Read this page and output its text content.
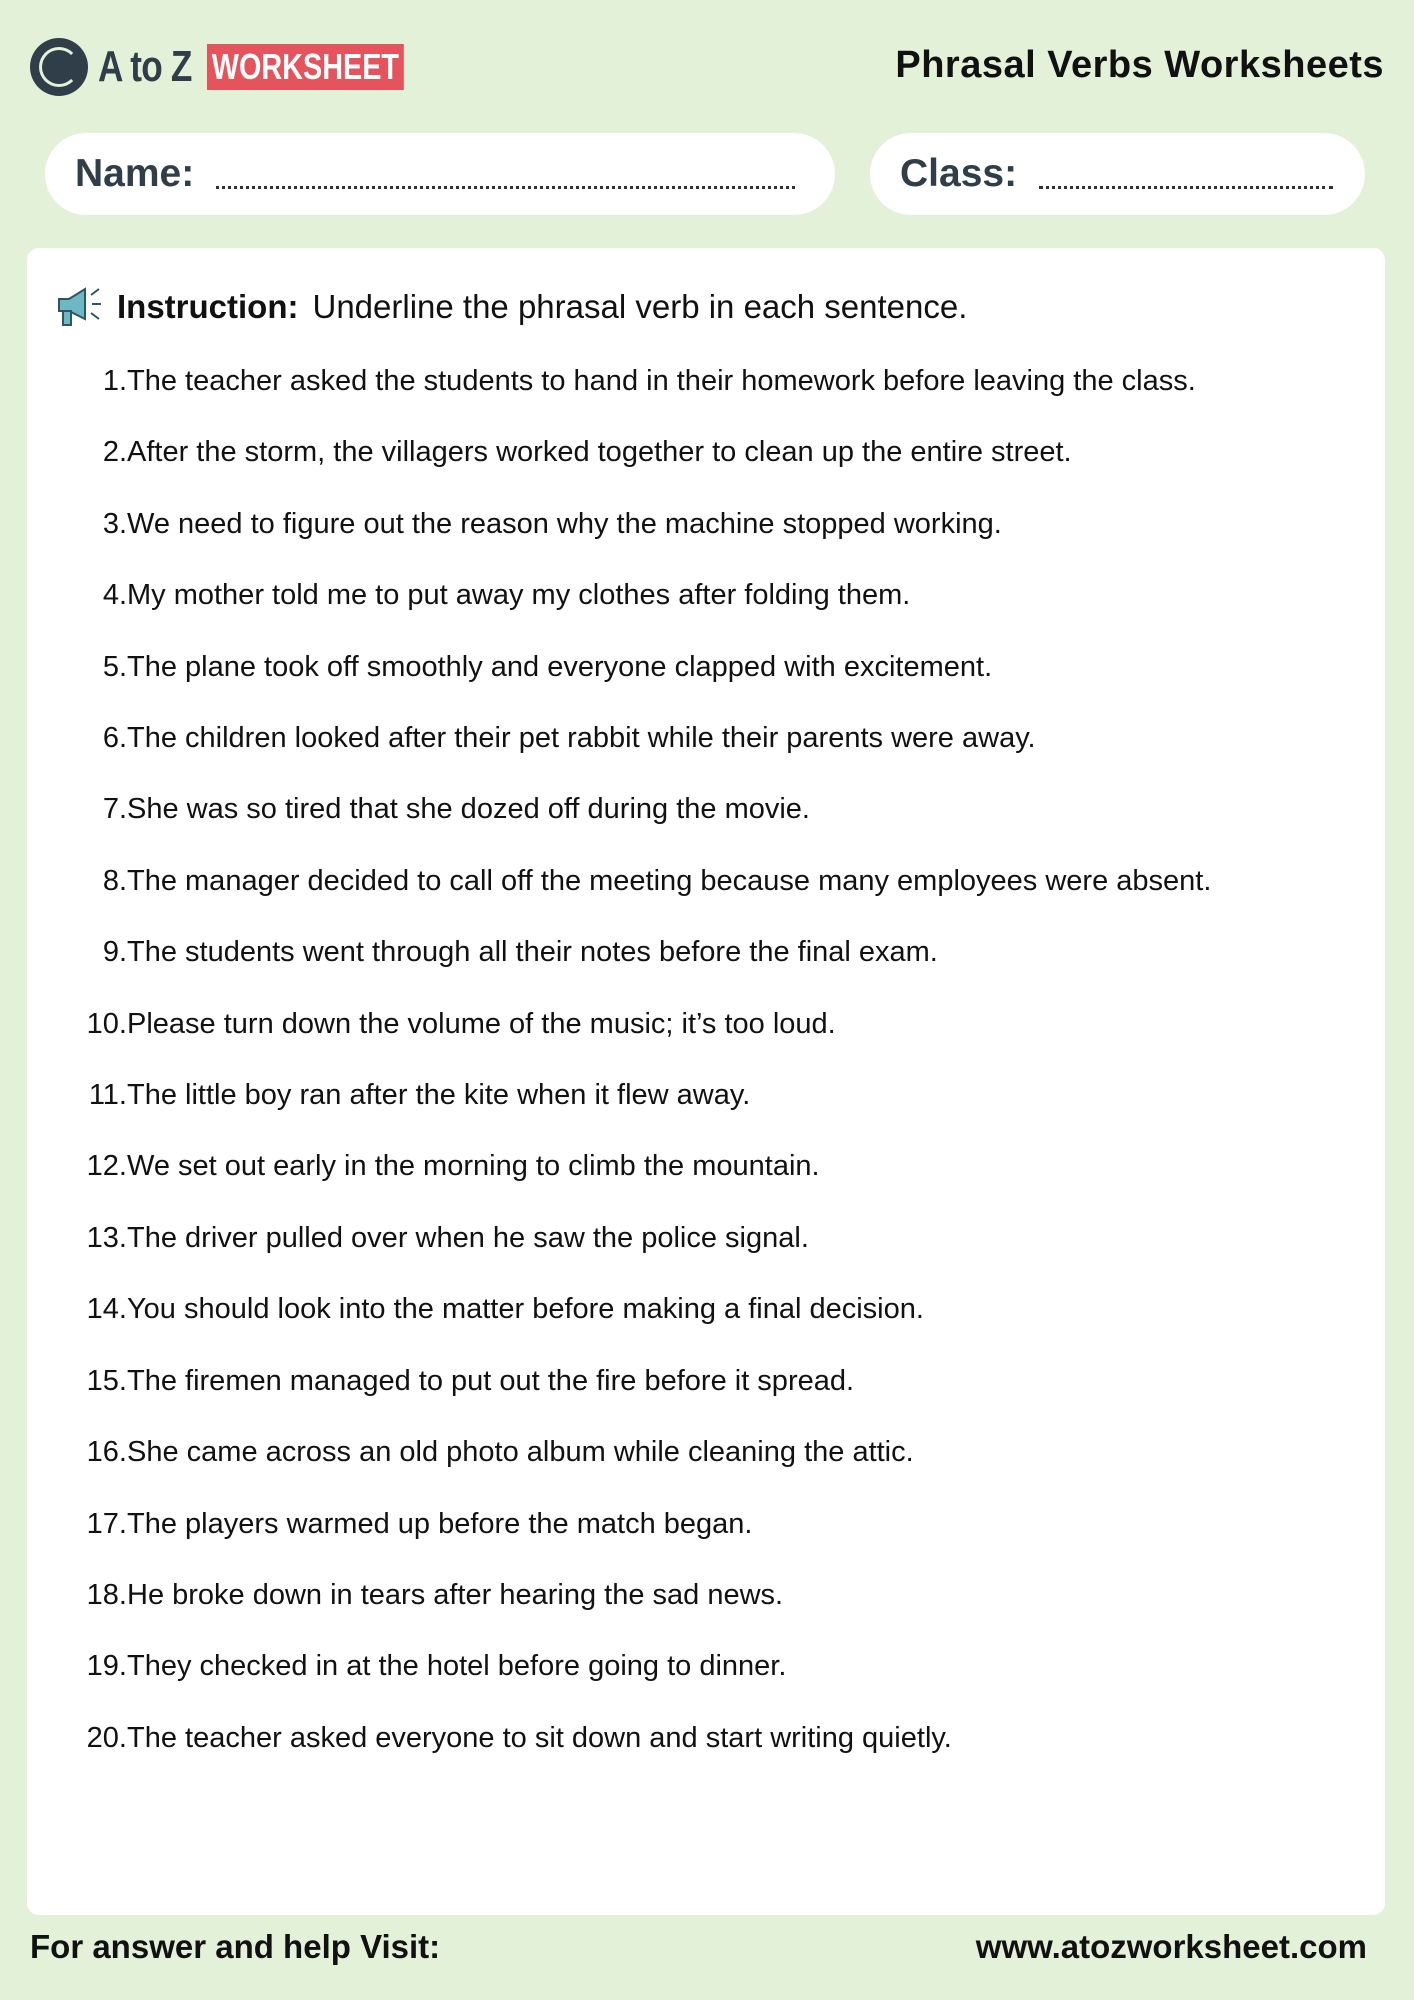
A to Z WORKSHEET	Phrasal Verbs Worksheets
Name:	Class:
Instruction: Underline the phrasal verb in each sentence.
1. The teacher asked the students to hand in their homework before leaving the class.
2. After the storm, the villagers worked together to clean up the entire street.
3. We need to figure out the reason why the machine stopped working.
4. My mother told me to put away my clothes after folding them.
5. The plane took off smoothly and everyone clapped with excitement.
6. The children looked after their pet rabbit while their parents were away.
7. She was so tired that she dozed off during the movie.
8. The manager decided to call off the meeting because many employees were absent.
9. The students went through all their notes before the final exam.
10. Please turn down the volume of the music; it’s too loud.
11. The little boy ran after the kite when it flew away.
12. We set out early in the morning to climb the mountain.
13. The driver pulled over when he saw the police signal.
14. You should look into the matter before making a final decision.
15. The firemen managed to put out the fire before it spread.
16. She came across an old photo album while cleaning the attic.
17. The players warmed up before the match began.
18. He broke down in tears after hearing the sad news.
19. They checked in at the hotel before going to dinner.
20. The teacher asked everyone to sit down and start writing quietly.
For answer and help Visit:	www.atozworksheet.com
